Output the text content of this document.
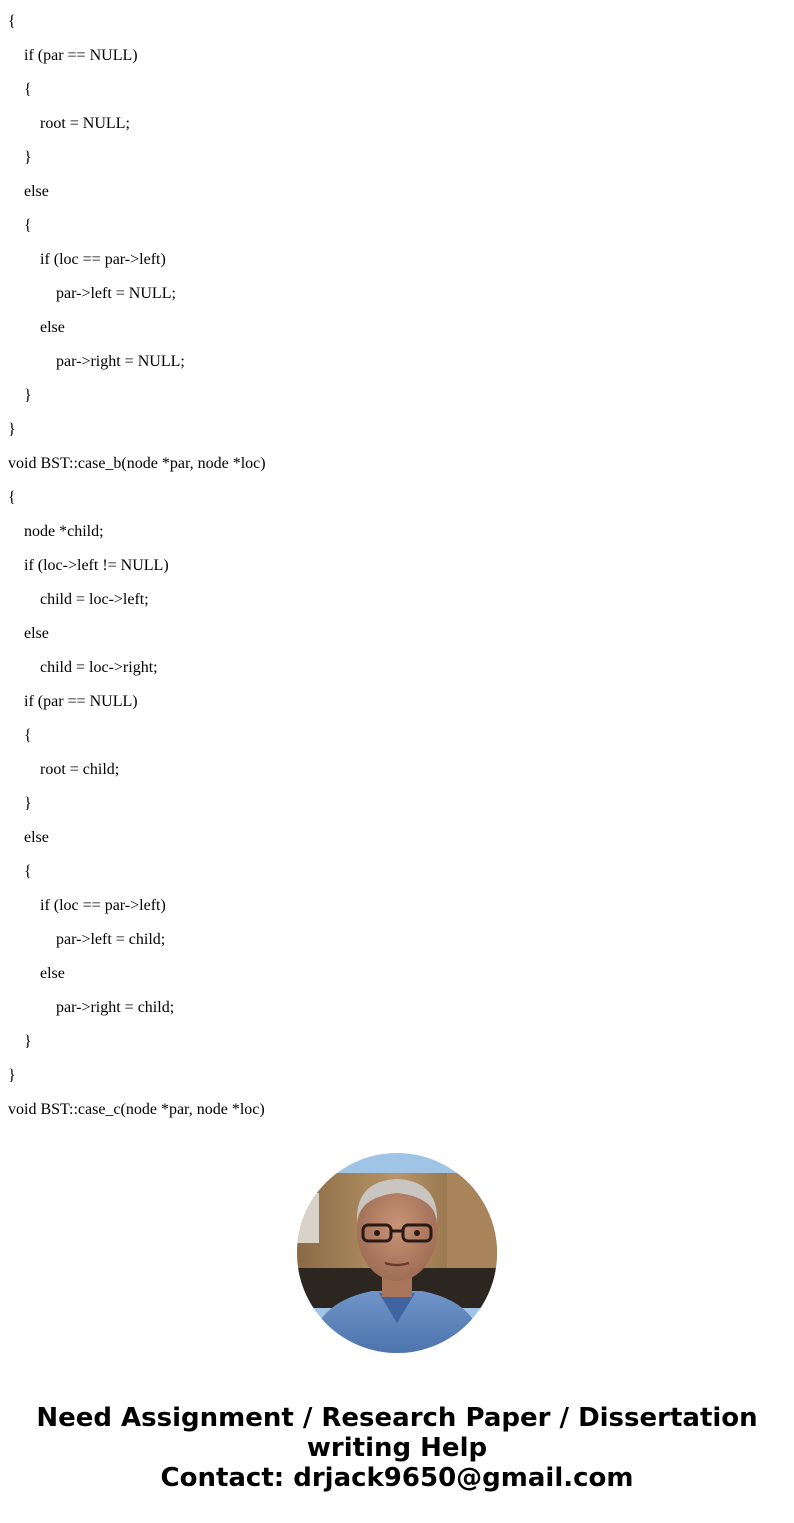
{
if (par == NULL)
{
root = NULL;
}
else
{
if (loc == par->left)
par->left = NULL;
else
par->right = NULL;
}
}
void BST::case_b(node *par, node *loc)
{
node *child;
if (loc->left != NULL)
child = loc->left;
else
child = loc->right;
if (par == NULL)
{
root = child;
}
else
{
if (loc == par->left)
par->left = child;
else
par->right = child;
}
}
void BST::case_c(node *par, node *loc)
Need Assignment / Research Paper / Dissertation
writing Help
Contact: drjack9650@gmail.com
